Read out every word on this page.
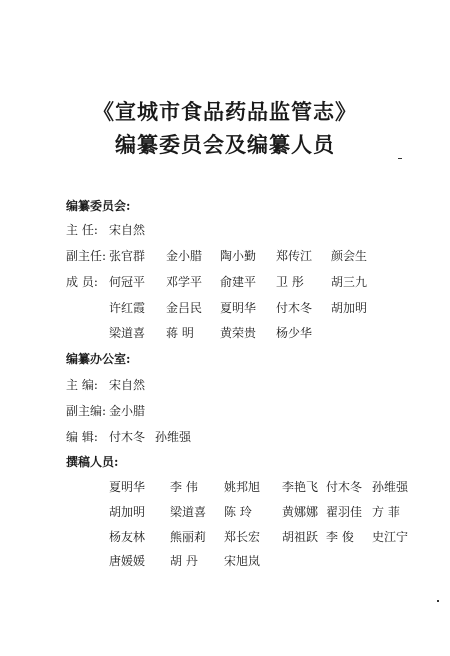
《宣城市食品药品监管志》
编纂委员会及编纂人员
编纂委员会:
主 任: 宋自然
副主任: 张官群 金小腊 陶小勤 郑传江 颜会生
成 员: 何冠平 邓学平 俞建平 卫 彤 胡三九
许红霞 金吕民 夏明华 付木冬 胡加明
梁道喜 蒋 明 黄荣贵 杨少华
编纂办公室:
主 编: 宋自然
副主编: 金小腊
编 辑: 付木冬 孙维强
撰稿人员:
夏明华 李 伟 姚邦旭 李艳飞 付木冬 孙维强
胡加明 梁道喜 陈 玲	黄娜娜 翟羽佳 方 菲
杨友林 熊丽莉 郑长宏 胡祖跃 李 俊 史江宁
唐媛媛 胡 丹 宋旭岚
